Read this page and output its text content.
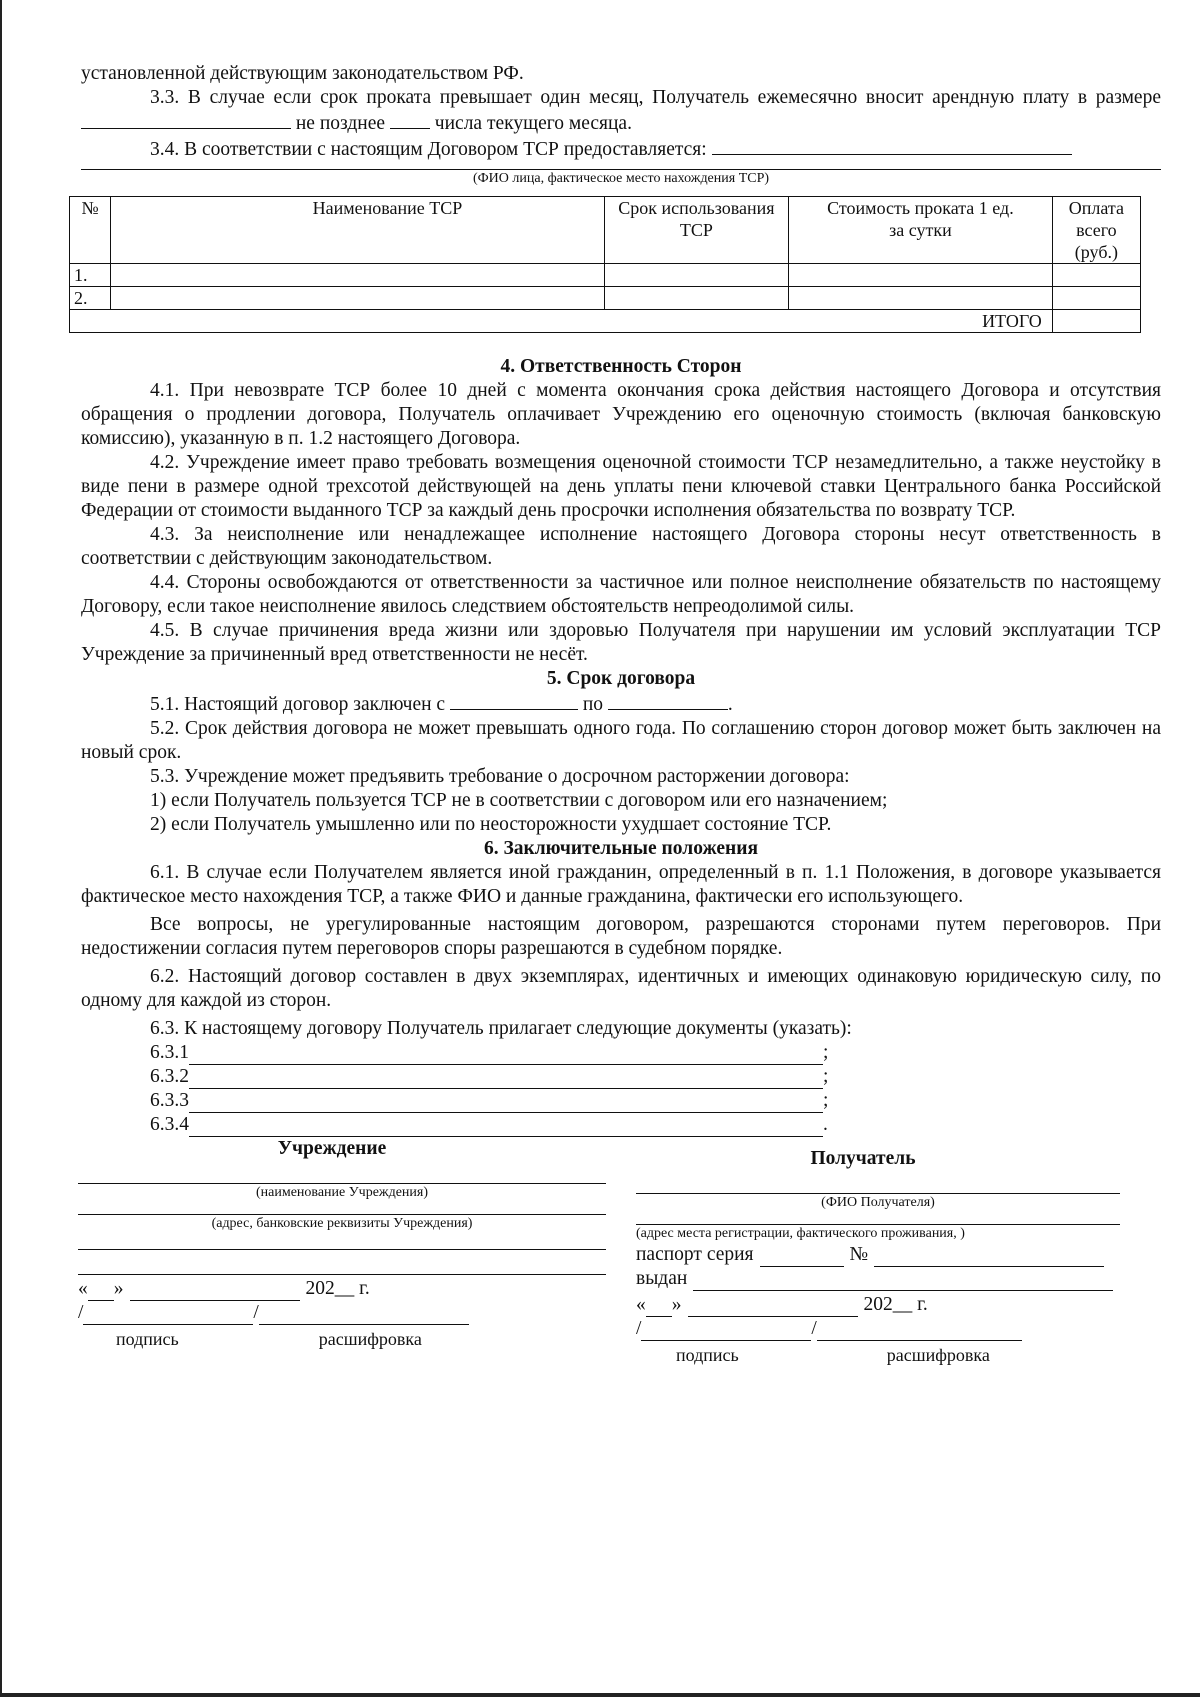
установленной действующим законодательством РФ.

3.3. В случае если срок проката превышает один месяц, Получатель ежемесячно вносит арендную плату в размере  не позднее	числа текущего месяца.

3.4. В соответствии с настоящим Договором ТСР предоставляется:

(ФИО лица, фактическое место нахождения ТСР)
№	Наименование ТСР	Срок использования ТСР	Стоимость проката 1 ед. за сутки	Оплата всего (руб.)
1.				
2.				
ИТОГО				

4. Ответственность Сторон

4.1. При невозврате ТСР более 10 дней с момента окончания срока действия настоящего Договора и отсутствия обращения о продлении договора, Получатель оплачивает Учреждению его оценочную стоимость (включая банковскую комиссию), указанную в п. 1.2 настоящего Договора.

4.2. Учреждение имеет право требовать возмещения оценочной стоимости ТСР незамедлительно, а также неустойку в виде пени в размере одной трехсотой действующей на день уплаты пени ключевой ставки Центрального банка Российской Федерации от стоимости выданного ТСР за каждый день просрочки исполнения обязательства по возврату ТСР.

4.3. За неисполнение или ненадлежащее исполнение настоящего Договора стороны несут ответственность в соответствии с действующим законодательством.

4.4. Стороны освобождаются от ответственности за частичное или полное неисполнение обязательств по настоящему Договору, если такое неисполнение явилось следствием обстоятельств непреодолимой силы.

4.5. В случае причинения вреда жизни или здоровью Получателя при нарушении им условий эксплуатации ТСР Учреждение за причиненный вред ответственности не несёт.

5. Срок договора

5.1. Настоящий договор заключен с	по	.

5.2. Срок действия договора не может превышать одного года. По соглашению сторон договор может быть заключен на новый срок.

5.3. Учреждение может предъявить требование о досрочном расторжении договора:

1) если Получатель пользуется ТСР не в соответствии с договором или его назначением;

2) если Получатель умышленно или по неосторожности ухудшает состояние ТСР.

6. Заключительные положения

6.1. В случае если Получателем является иной гражданин, определенный в п. 1.1 Положения, в договоре указывается фактическое место нахождения ТСР, а также ФИО и данные гражданина, фактически его использующего.

Все вопросы, не урегулированные настоящим договором, разрешаются сторонами путем переговоров. При недостижении согласия путем переговоров споры разрешаются в судебном порядке.

6.2. Настоящий договор составлен в двух экземплярах, идентичных и имеющих одинаковую юридическую силу, по одному для каждой из сторон.

6.3. К настоящему договору Получатель прилагает следующие документы (указать):

6.3.1	;
6.3.2	;
6.3.3	;
6.3.4	.
Учреждение
(наименование Учреждения)
(адрес, банковские реквизиты Учреждения)
« »	202__ г.
/	/
подпись	расшифровка
Получатель
(ФИО Получателя)
(адрес места регистрации, фактического проживания, )
паспорт серия	№
выдан
« »	202__ г.
/	/
подпись	расшифровка
